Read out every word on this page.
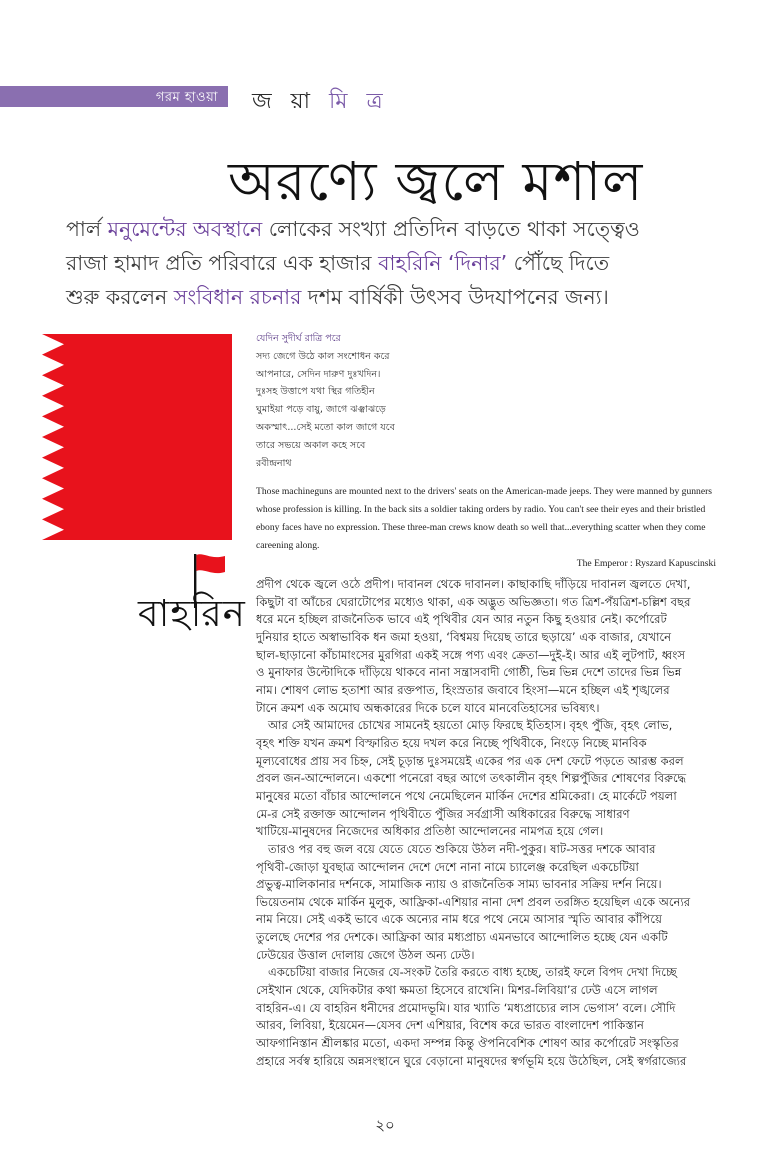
গরম হাওয়া জ য়া মি ত্র
অরণ্যে জ্বলে মশাল

পার্ল মনুমেন্টের অবস্থানে লোকের সংখ্যা প্রতিদিন বাড়তে থাকা সত্ত্বেও
রাজা হামাদ প্রতি পরিবারে এক হাজার বাহরিনি ‘দিনার’ পৌঁছে দিতে
শুরু করলেন সংবিধান রচনার দশম বার্ষিকী উৎসব উদযাপনের জন্য।

যেদিন সুদীর্ঘ রাত্রি পরে
সদ্য জেগে উঠে কাল সংশোধন করে
আপনারে, সেদিন দারুণ দুঃখদিন।
দুঃসহ উত্তাপে যথা স্থির গতিহীন
ঘুমাইয়া পড়ে বায়ু, জাগে ঝঞ্ঝাঝড়ে
অকস্মাৎ...সেই মতো কাল জাগে যবে
তারে সভয়ে অকাল কহে সবে
রবীন্দ্রনাথ
Those machineguns are mounted next to the drivers' seats on the American-made jeeps. They were manned by gunners whose profession is killing. In the back sits a soldier taking orders by radio. You can't see their eyes and their bristled ebony faces have no expression. These three-man crews know death so well that...everything scatter when they come careening along.
The Emperor : Ryszard Kapuscinski
বাহরিন
প্রদীপ থেকে জ্বলে ওঠে প্রদীপ। দাবানল থেকে দাবানল। কাছাকাছি দাঁড়িয়ে দাবানল জ্বলতে দেখা,
কিছুটা বা আঁচের ঘেরাটোপের মধ্যেও থাকা, এক অদ্ভুত অভিজ্ঞতা। গত ত্রিশ-পঁয়ত্রিশ-চল্লিশ বছর
ধরে মনে হচ্ছিল রাজনৈতিক ভাবে এই পৃথিবীর যেন আর নতুন কিছু হওয়ার নেই। কর্পোরেট
দুনিয়ার হাতে অস্বাভাবিক ধন জমা হওয়া, ‘বিশ্বময় দিয়েছ তারে ছড়ায়ে’ এক বাজার, যেখানে
ছাল-ছাড়ানো কাঁচামাংসের মুরগিরা একই সঙ্গে পণ্য এবং ক্রেতা—দুই-ই। আর এই লুটপাট, ধ্বংস
ও মুনাফার উল্টোদিকে দাঁড়িয়ে থাকবে নানা সন্ত্রাসবাদী গোষ্ঠী, ভিন্ন ভিন্ন দেশে তাদের ভিন্ন ভিন্ন
নাম। শোষণ লোভ হতাশা আর রক্তপাত, হিংস্রতার জবাবে হিংসা—মনে হচ্ছিল এই শৃঙ্খলের
টানে ক্রমশ এক অমোঘ অন্ধকারের দিকে চলে যাবে মানবেতিহাসের ভবিষ্যৎ।
আর সেই আমাদের চোখের সামনেই হয়তো মোড় ফিরছে ইতিহাস। বৃহৎ পুঁজি, বৃহৎ লোভ,
বৃহৎ শক্তি যখন ক্রমশ বিস্ফারিত হয়ে দখল করে নিচ্ছে পৃথিবীকে, নিংড়ে নিচ্ছে মানবিক
মূল্যবোধের প্রায় সব চিহ্ন, সেই চূড়ান্ত দুঃসময়েই একের পর এক দেশ ফেটে পড়তে আরম্ভ করল
প্রবল জন-আন্দোলনে। একশো পনেরো বছর আগে তৎকালীন বৃহৎ শিল্পপুঁজির শোষণের বিরুদ্ধে
মানুষের মতো বাঁচার আন্দোলনে পথে নেমেছিলেন মার্কিন দেশের শ্রমিকেরা। হে মার্কেটে পয়লা
মে-র সেই রক্তাক্ত আন্দোলন পৃথিবীতে পুঁজির সর্বগ্রাসী অধিকারের বিরুদ্ধে সাধারণ
খাটিয়ে-মানুষদের নিজেদের অধিকার প্রতিষ্ঠা আন্দোলনের নামপত্র হয়ে গেল।
তারও পর বহু জল বয়ে যেতে যেতে শুকিয়ে উঠল নদী-পুকুর। ষাট-সত্তর দশকে আবার
পৃথিবী-জোড়া যুবছাত্র আন্দোলন দেশে দেশে নানা নামে চ্যালেঞ্জ করেছিল একচেটিয়া
প্রভুত্ব-মালিকানার দর্শনকে, সামাজিক ন্যায় ও রাজনৈতিক সাম্য ভাবনার সক্রিয় দর্শন নিয়ে।
ভিয়েতনাম থেকে মার্কিন মুলুক, আফ্রিকা-এশিয়ার নানা দেশ প্রবল তরঙ্গিত হয়েছিল একে অন্যের
নাম নিয়ে। সেই একই ভাবে একে অন্যের নাম ধরে পথে নেমে আসার স্মৃতি আবার কাঁপিয়ে
তুলেছে দেশের পর দেশকে। আফ্রিকা আর মধ্যপ্রাচ্য এমনভাবে আন্দোলিত হচ্ছে যেন একটি
ঢেউয়ের উত্তাল দোলায় জেগে উঠল অন্য ঢেউ।
একচেটিয়া বাজার নিজের যে-সংকট তৈরি করতে বাধ্য হচ্ছে, তারই ফলে বিপদ দেখা দিচ্ছে
সেইখান থেকে, যেদিকটার কথা ক্ষমতা হিসেবে রাখেনি। মিশর-লিবিয়া’র ঢেউ এসে লাগল
বাহরিন-এ। যে বাহরিন ধনীদের প্রমোদভূমি। যার খ্যাতি ‘মধ্যপ্রাচ্যের লাস ভেগাস’ বলে। সৌদি
আরব, লিবিয়া, ইয়েমেন—যেসব দেশ এশিয়ার, বিশেষ করে ভারত বাংলাদেশ পাকিস্তান
আফগানিস্তান শ্রীলঙ্কার মতো, একদা সম্পন্ন কিন্তু ঔপনিবেশিক শোষণ আর কর্পোরেট সংস্কৃতির
প্রহারে সর্বস্ব হারিয়ে অন্নসংস্থানে ঘুরে বেড়ানো মানুষদের স্বর্গভূমি হয়ে উঠেছিল, সেই স্বর্গরাজ্যের
২০
